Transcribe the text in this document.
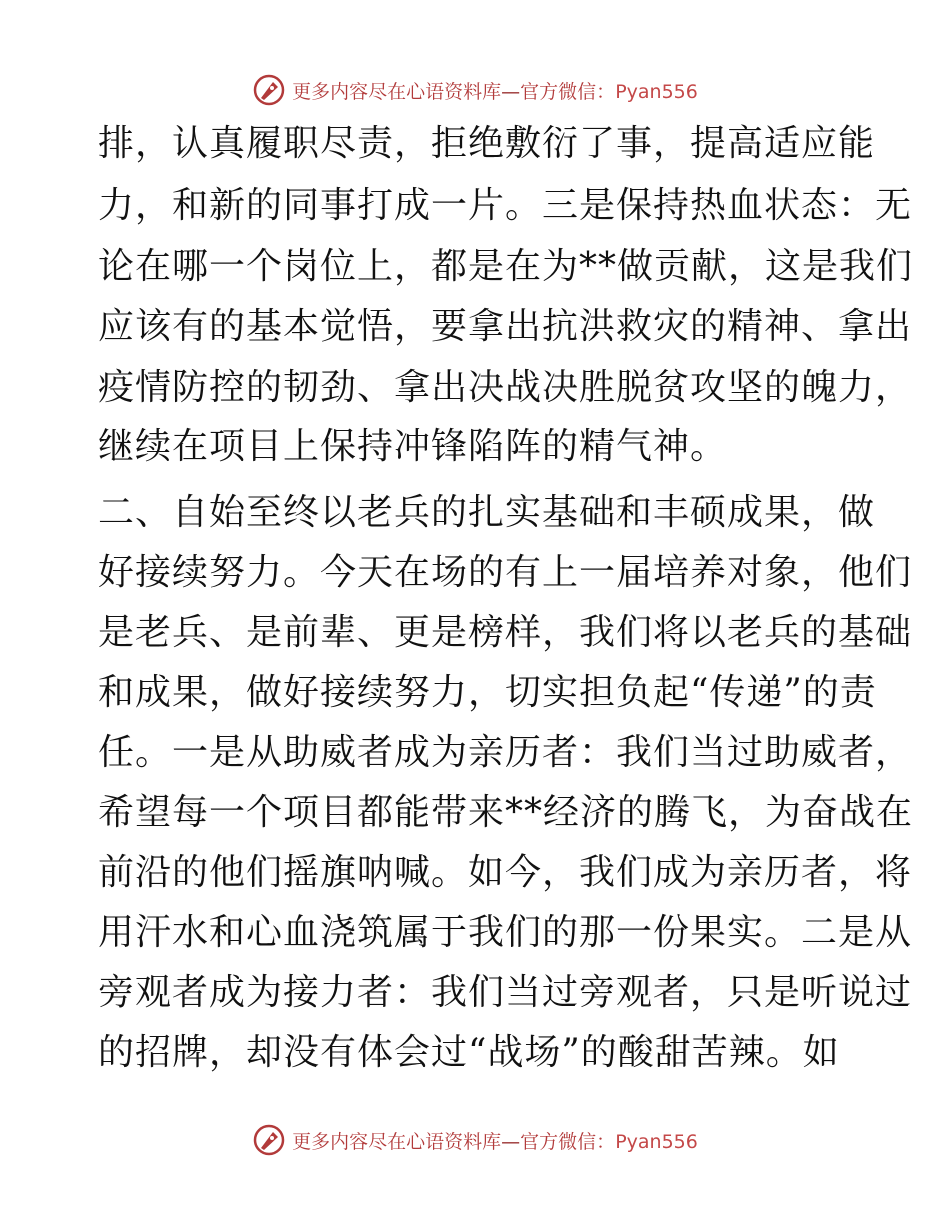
更多内容尽在心语资料库—官方微信：Pyan556
排，认真履职尽责，拒绝敷衍了事，提高适应能
力，和新的同事打成一片。三是保持热血状态：无
论在哪一个岗位上，都是在为**做贡献，这是我们
应该有的基本觉悟，要拿出抗洪救灾的精神、拿出
疫情防控的韧劲、拿出决战决胜脱贫攻坚的魄力，
继续在项目上保持冲锋陷阵的精气神。
二、自始至终以老兵的扎实基础和丰硕成果，做
好接续努力。今天在场的有上一届培养对象，他们
是老兵、是前辈、更是榜样，我们将以老兵的基础
和成果，做好接续努力，切实担负起“传递”的责
任。一是从助威者成为亲历者：我们当过助威者，
希望每一个项目都能带来**经济的腾飞，为奋战在
前沿的他们摇旗呐喊。如今，我们成为亲历者，将
用汗水和心血浇筑属于我们的那一份果实。二是从
旁观者成为接力者：我们当过旁观者，只是听说过
的招牌，却没有体会过“战场”的酸甜苦辣。如
更多内容尽在心语资料库—官方微信：Pyan556
